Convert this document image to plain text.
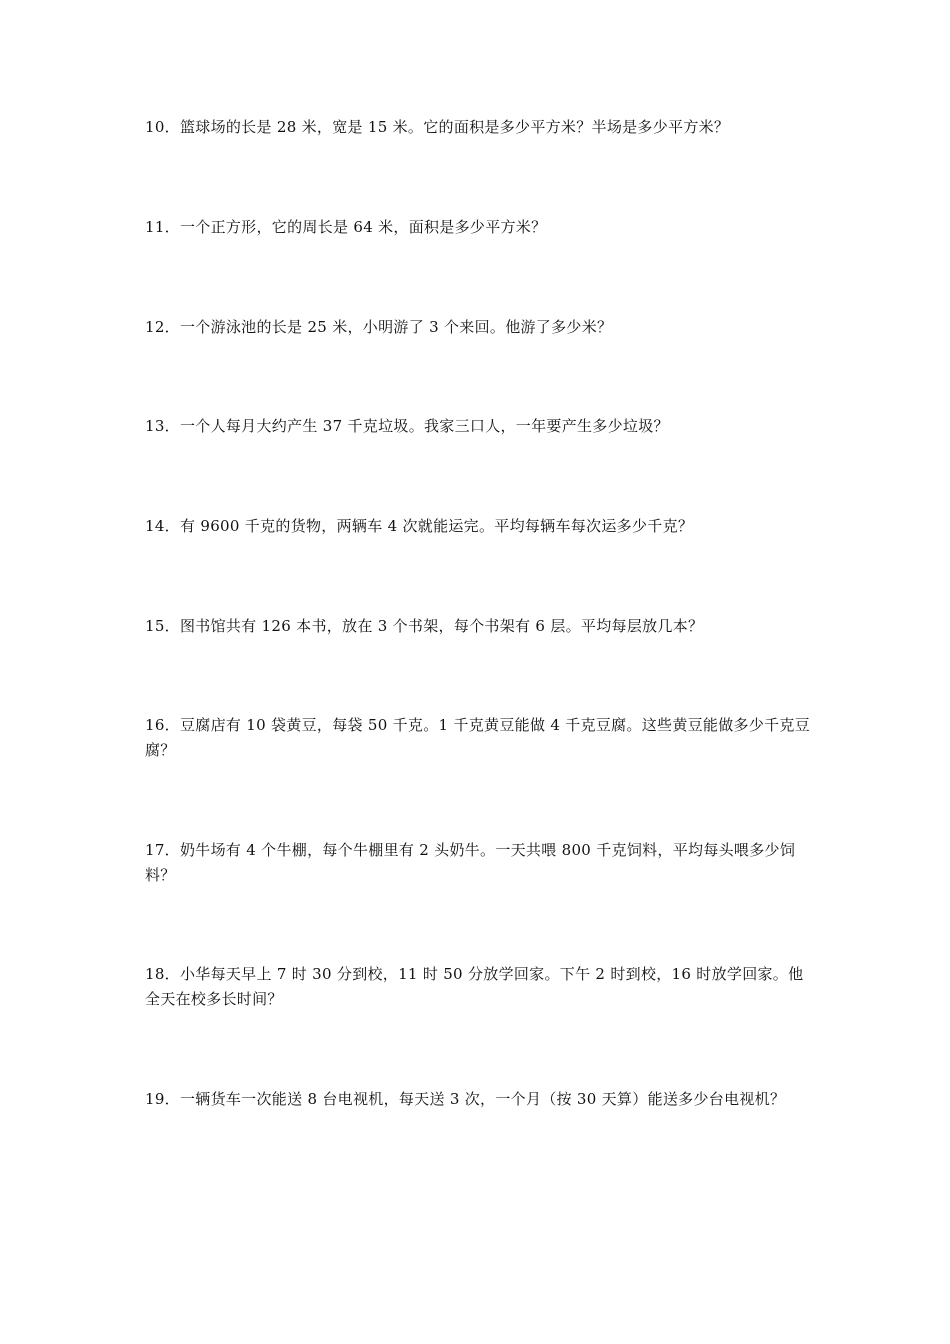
10．篮球场的长是 28 米，宽是 15 米。它的面积是多少平方米？半场是多少平方米？

11．一个正方形，它的周长是 64 米，面积是多少平方米？

12．一个游泳池的长是 25 米，小明游了 3 个来回。他游了多少米？

13．一个人每月大约产生 37 千克垃圾。我家三口人，一年要产生多少垃圾？

14．有 9600 千克的货物，两辆车 4 次就能运完。平均每辆车每次运多少千克？

15．图书馆共有 126 本书，放在 3 个书架，每个书架有 6 层。平均每层放几本？

16．豆腐店有 10 袋黄豆，每袋 50 千克。1 千克黄豆能做 4 千克豆腐。这些黄豆能做多少千克豆腐？

17．奶牛场有 4 个牛棚，每个牛棚里有 2 头奶牛。一天共喂 800 千克饲料，平均每头喂多少饲料？

18．小华每天早上 7 时 30 分到校，11 时 50 分放学回家。下午 2 时到校，16 时放学回家。他全天在校多长时间？

19．一辆货车一次能送 8 台电视机，每天送 3 次，一个月（按 30 天算）能送多少台电视机？
